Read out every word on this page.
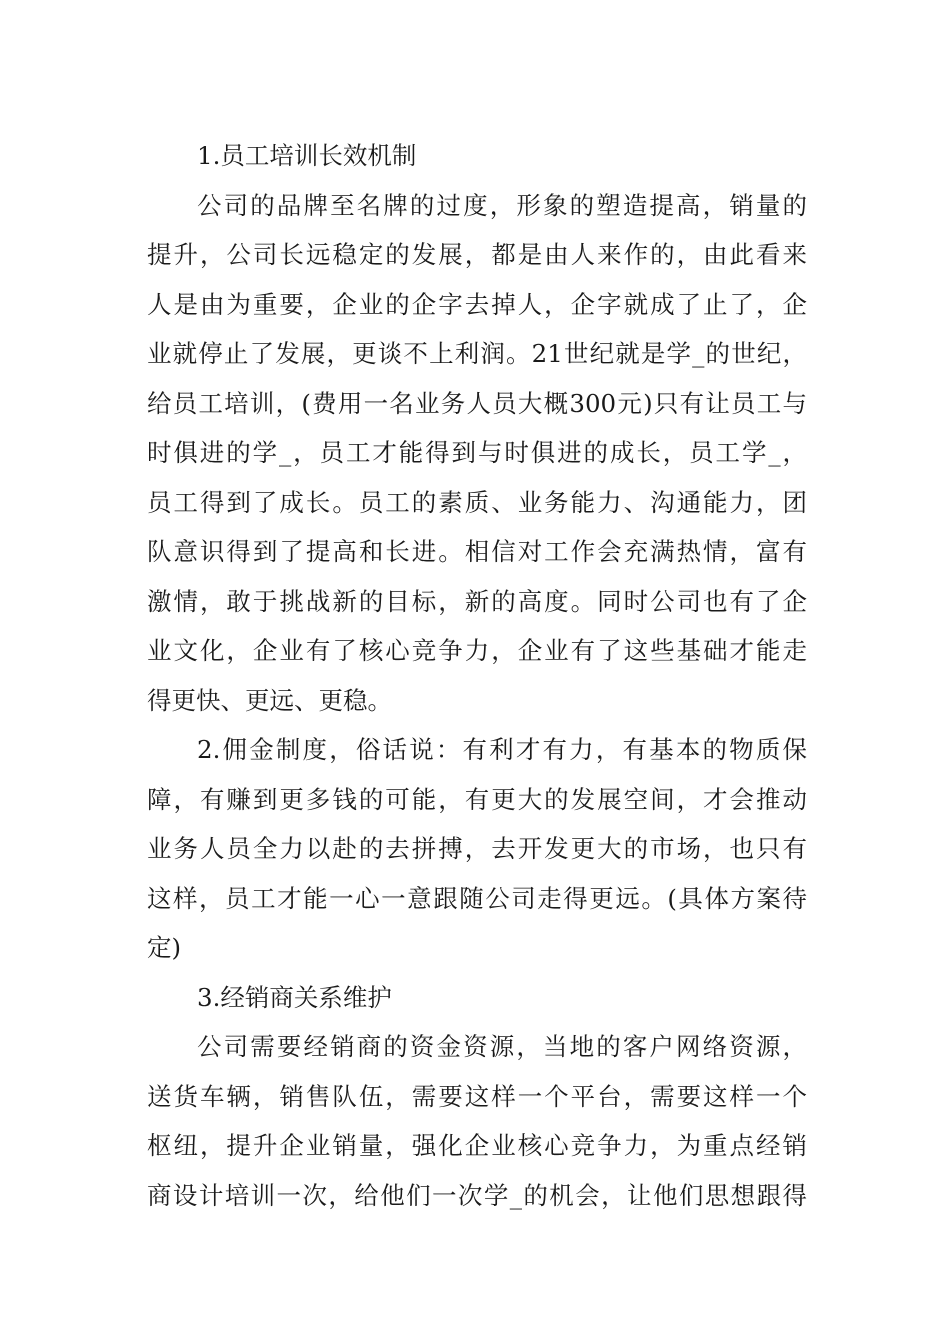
1.员工培训长效机制
公司的品牌至名牌的过度，形象的塑造提高，销量的
提升，公司长远稳定的发展，都是由人来作的，由此看来
人是由为重要，企业的企字去掉人，企字就成了止了，企
业就停止了发展，更谈不上利润。21世纪就是学_的世纪，
给员工培训，(费用一名业务人员大概300元)只有让员工与
时俱进的学_，员工才能得到与时俱进的成长，员工学_，
员工得到了成长。员工的素质、业务能力、沟通能力，团
队意识得到了提高和长进。相信对工作会充满热情，富有
激情，敢于挑战新的目标，新的高度。同时公司也有了企
业文化，企业有了核心竞争力，企业有了这些基础才能走
得更快、更远、更稳。
2.佣金制度，俗话说：有利才有力，有基本的物质保
障，有赚到更多钱的可能，有更大的发展空间，才会推动
业务人员全力以赴的去拼搏，去开发更大的市场，也只有
这样，员工才能一心一意跟随公司走得更远。(具体方案待
定)
3.经销商关系维护
公司需要经销商的资金资源，当地的客户网络资源，
送货车辆，销售队伍，需要这样一个平台，需要这样一个
枢纽，提升企业销量，强化企业核心竞争力，为重点经销
商设计培训一次，给他们一次学_的机会，让他们思想跟得
